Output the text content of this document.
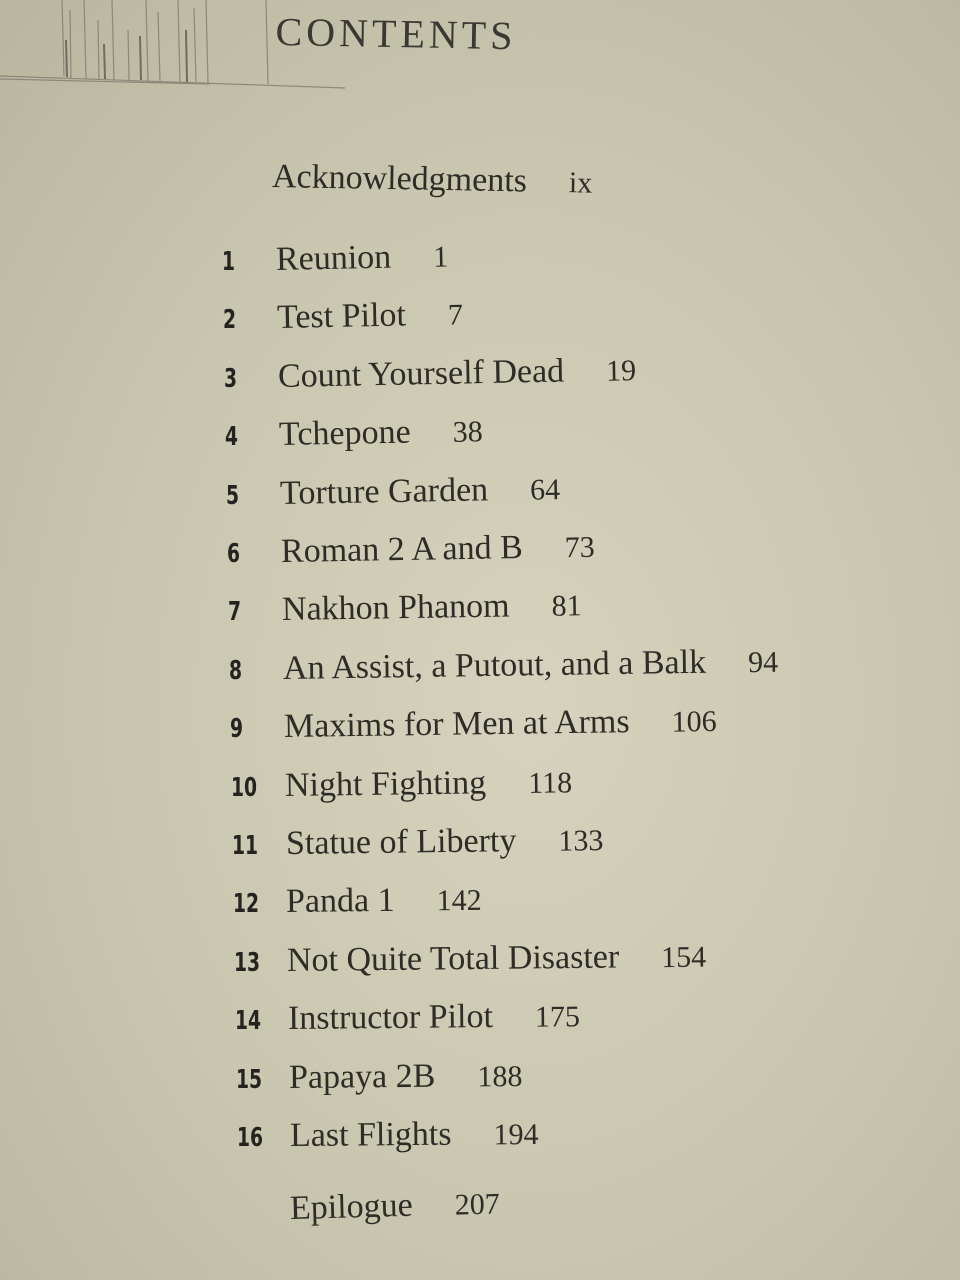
CONTENTS
Acknowledgments ix
Epilogue 207
1 Reunion 1
2 Test Pilot 7
3 Count Yourself Dead 19
4 Tchepone 38
5 Torture Garden 64
6 Roman 2 A and B 73
7 Nakhon Phanom 81
8 An Assist, a Putout, and a Balk 94
9 Maxims for Men at Arms 106
10 Night Fighting 118
11 Statue of Liberty 133
12 Panda 1 142
13 Not Quite Total Disaster 154
14 Instructor Pilot 175
15 Papaya 2B 188
16 Last Flights 194
